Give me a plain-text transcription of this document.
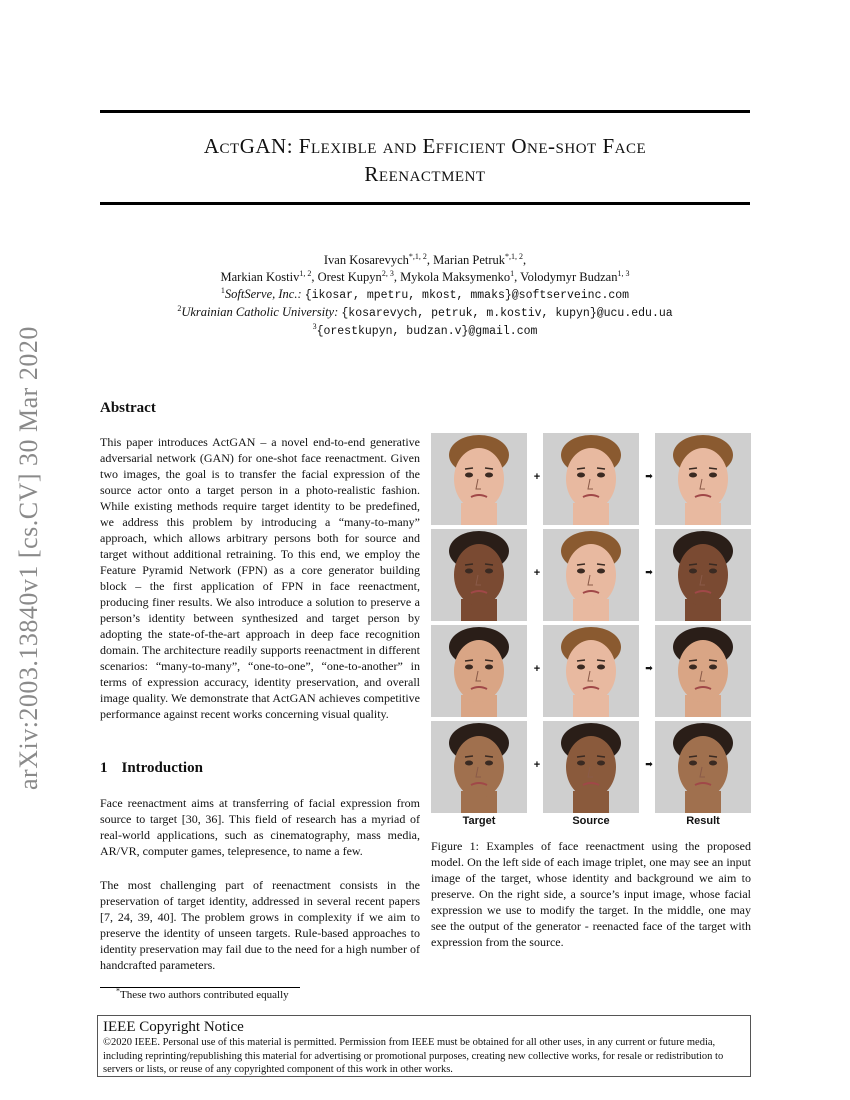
arXiv:2003.13840v1 [cs.CV] 30 Mar 2020
ActGAN: Flexible and Efficient One-shot Face
Reenactment
Ivan Kosarevych$^{*,1, 2}$, Marian Petruk$^{*,1, 2}$,
Markian Kostiv$^{1, 2}$, Orest Kupyn$^{2, 3}$, Mykola Maksymenko$^1$, Volodymyr Budzan$^{1, 3}$
$^1$SoftServe, Inc.: {ikosar, mpetru, mkost, mmaks}@softserveinc.com
$^2$Ukrainian Catholic University: {kosarevych, petruk, m.kostiv, kupyn}@ucu.edu.ua
$^3${orestkupyn, budzan.v}@gmail.com
Abstract
This paper introduces ActGAN – a novel end-to-end generative adversarial network (GAN) for one-shot face reenactment. Given two images, the goal is to transfer the facial expression of the source actor onto a target person in a photo-realistic fashion. While existing methods require target identity to be predefined, we address this problem by introducing a “many-to-many” approach, which allows arbitrary persons both for source and target without additional retraining. To this end, we employ the Feature Pyramid Network (FPN) as a core generator building block – the first application of FPN in face reenactment, producing finer results. We also introduce a solution to preserve a person’s identity between synthesized and target person by adopting the state-of-the-art approach in deep face recognition domain. The architecture readily supports reenactment in different scenarios: “many-to-many”, “one-to-one”, “one-to-another” in terms of expression accuracy, identity preservation, and overall image quality. We demonstrate that ActGAN achieves competitive performance against recent works concerning visual quality.
1 Introduction
Face reenactment aims at transferring of facial expression from source to target [30, 36]. This field of research has a myriad of real-world applications, such as cinematography, mass media, AR/VR, computer games, telepresence, to name a few.
The most challenging part of reenactment consists in the preservation of target identity, addressed in several recent papers [7, 24, 39, 40]. The problem grows in complexity if we aim to preserve the identity of unseen targets. Rule-based approaches to identity preservation may fail due to the need for a high number of handcrafted parameters.
+	➡
+	➡
+	➡
+	➡
Target	Source	Result
Figure 1: Examples of face reenactment using the proposed model. On the left side of each image triplet, one may see an input image of the target, whose identity and background we aim to preserve. On the right side, a source’s input image, whose facial expression we use to modify the target. In the middle, one may see the output of the generator - reenacted face of the target with expression from the source.
*These two authors contributed equally
IEEE Copyright Notice
©2020 IEEE. Personal use of this material is permitted. Permission from IEEE must be obtained for all other uses, in any current or future media, including reprinting/republishing this material for advertising or promotional purposes, creating new collective works, for resale or redistribution to servers or lists, or reuse of any copyrighted component of this work in other works.
